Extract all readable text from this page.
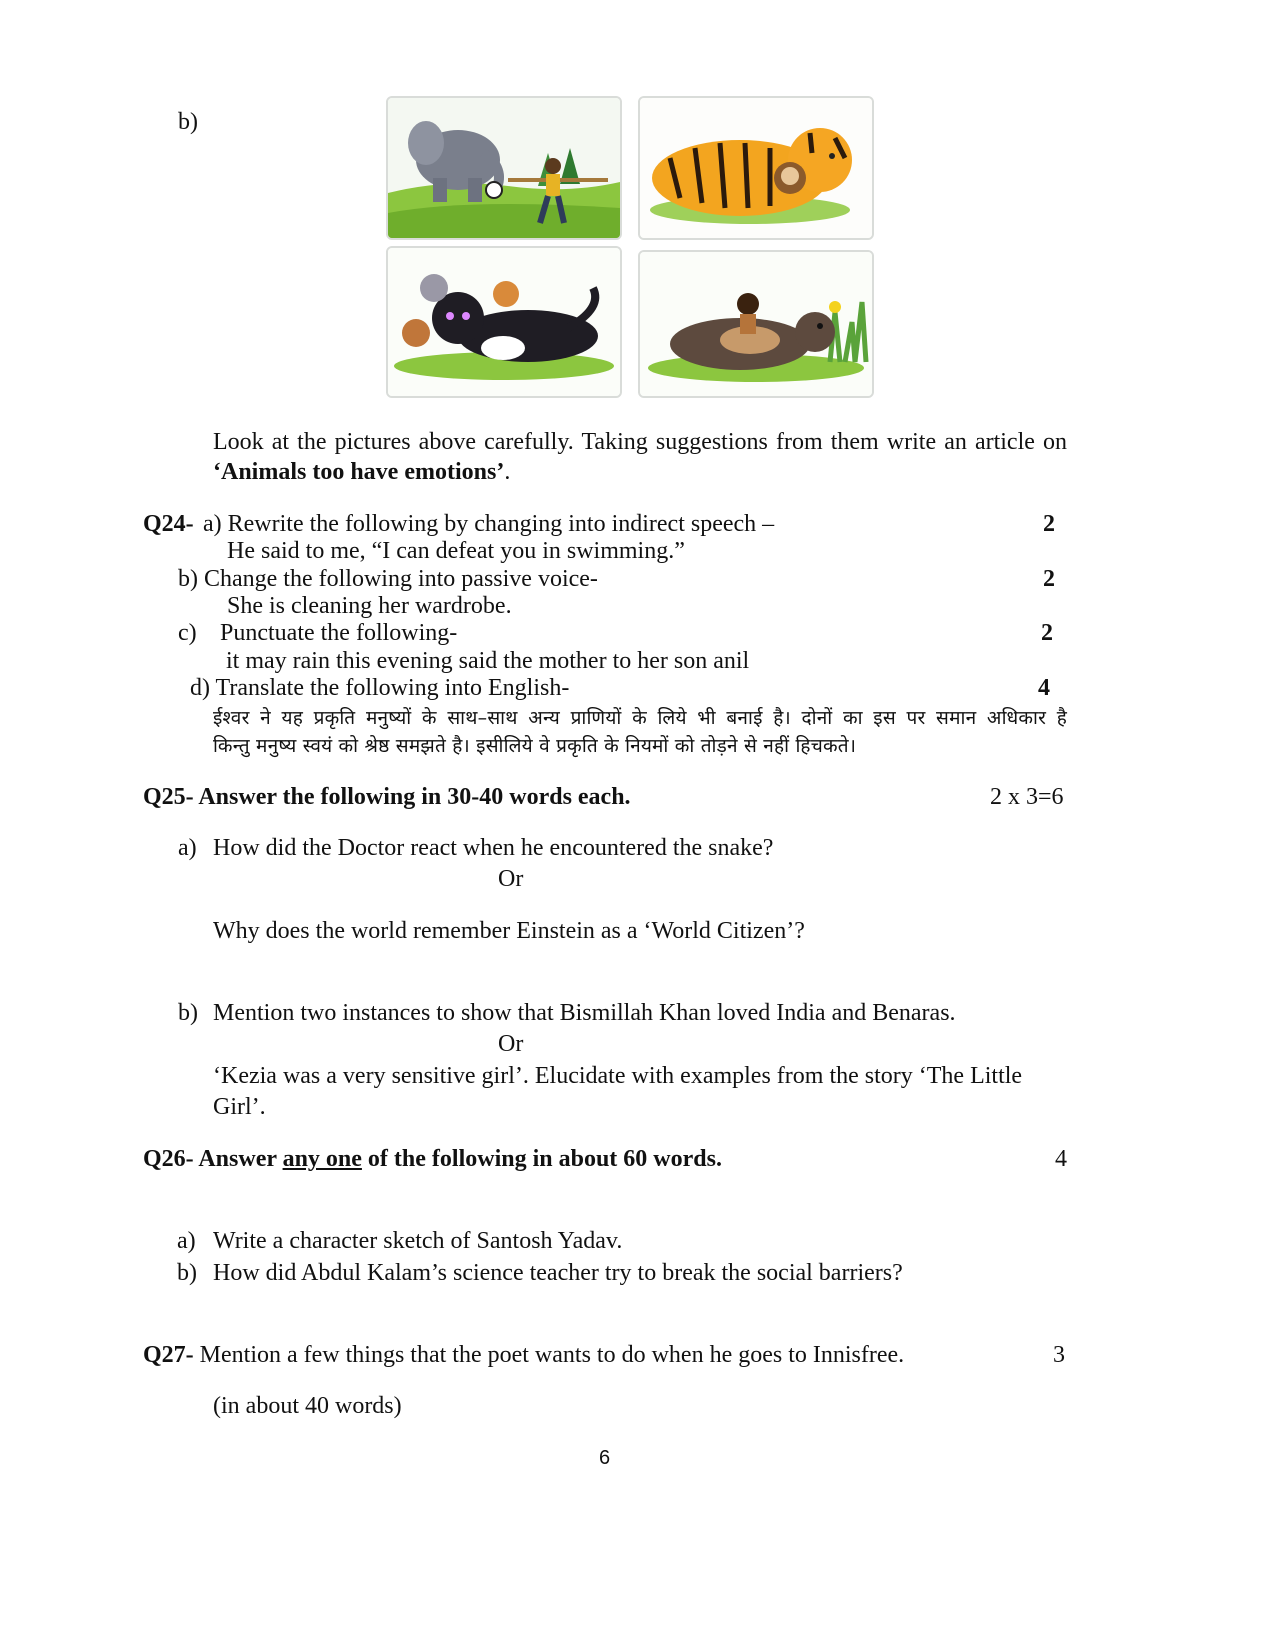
b)
Look at the pictures above carefully. Taking suggestions from them write an article on
‘Animals too have emotions’.
Q24- a) Rewrite the following by changing into indirect speech –	2
He said to me, “I can defeat you in swimming.”
b) Change the following into passive voice-	2
She is cleaning her wardrobe.
c) Punctuate the following-	2
it may rain this evening said the mother to her son anil
d) Translate the following into English-	4
ईश्वर ने यह प्रकृति मनुष्यों के साथ–साथ अन्य प्राणियों के लिये भी बनाई है। दोनों का इस पर समान अधिकार है
किन्तु मनुष्य स्वयं को श्रेष्ठ समझते है। इसीलिये वे प्रकृति के नियमों को तोड़ने से नहीं हिचकते।
Q25- Answer the following in 30-40 words each.	2 x 3=6
a) How did the Doctor react when he encountered the snake?
Or
Why does the world remember Einstein as a ‘World Citizen’?
b) Mention two instances to show that Bismillah Khan loved India and Benaras.
Or
‘Kezia was a very sensitive girl’. Elucidate with examples from the story ‘The Little
Girl’.
Q26- Answer any one of the following in about 60 words.	4
a) Write a character sketch of Santosh Yadav.
b) How did Abdul Kalam’s science teacher try to break the social barriers?
Q27- Mention a few things that the poet wants to do when he goes to Innisfree.	3
(in about 40 words)
6
